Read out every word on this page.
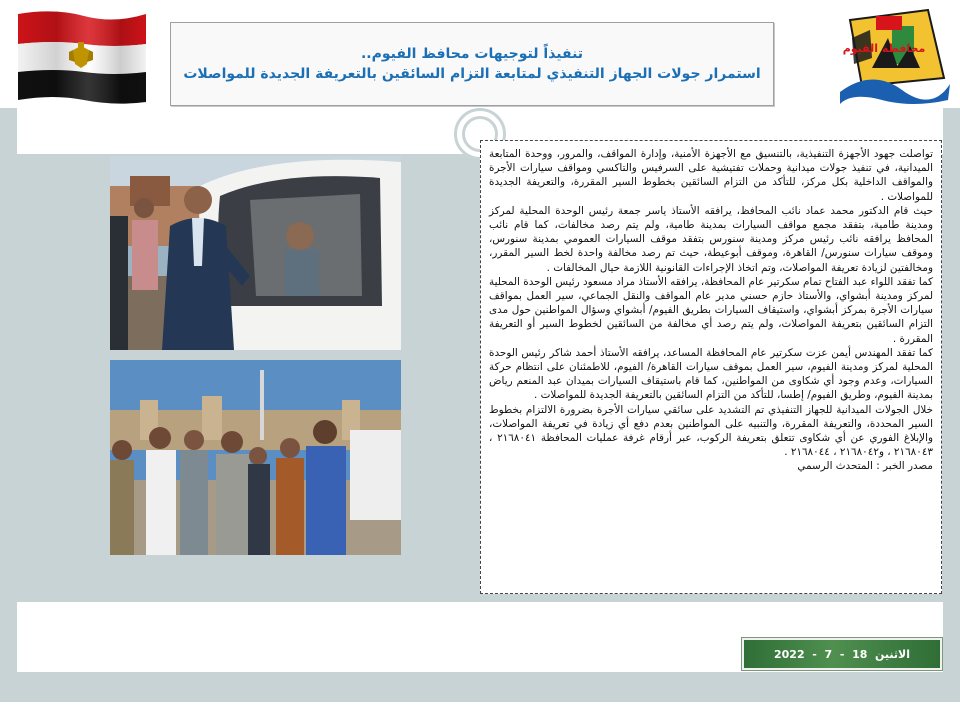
تنفيذاً لتوجيهات محافظ الفيوم..
استمرار جولات الجهاز التنفيذي لمتابعة التزام السائقين بالتعريفة الجديدة للمواصلات
محافظة الفيوم

تواصلت جهود الأجهزة التنفيذية، بالتنسيق مع الأجهزة الأمنية، وإدارة المواقف، والمرور، ووحدة المتابعة الميدانية، في تنفيذ جولات ميدانية وحملات تفتيشية على السرفيس والتاكسي ومواقف سيارات الأجرة والمواقف الداخلية بكل مركز، للتأكد من التزام السائقين بخطوط السير المقررة، والتعريفة الجديدة للمواصلات .

حيث قام الدكتور محمد عماد نائب المحافظ، يرافقه الأستاذ ياسر جمعة رئيس الوحدة المحلية لمركز ومدينة طامية، بتفقد مجمع مواقف السيارات بمدينة طامية، ولم يتم رصد مخالفات، كما قام نائب المحافظ يرافقه نائب رئيس مركز ومدينة سنورس بتفقد موقف السيارات العمومي بمدينة سنورس، وموقف سيارات سنورس/ القاهرة، وموقف أبوعيطة، حيث تم رصد مخالفة واحدة لخط السير المقرر، ومخالفتين لزيادة تعريفة المواصلات، وتم اتخاذ الإجراءات القانونية اللازمة حيال المخالفات .

كما تفقد اللواء عبد الفتاح تمام سكرتير عام المحافظة، يرافقه الأستاذ مراد مسعود رئيس الوحدة المحلية لمركز ومدينة أبشواي، والأستاذ حازم حسني مدير عام المواقف والنقل الجماعي، سير العمل بمواقف سيارات الأجرة بمركز أبشواي، واستيقاف السيارات بطريق الفيوم/ أبشواي وسؤال المواطنين حول مدى التزام السائقين بتعريفة المواصلات، ولم يتم رصد أي مخالفة من السائقين لخطوط السير أو التعريفة المقررة .

كما تفقد المهندس أيمن عزت سكرتير عام المحافظة المساعد، يرافقه الأستاذ أحمد شاكر رئيس الوحدة المحلية لمركز ومدينة الفيوم، سير العمل بموقف سيارات القاهرة/ الفيوم، للاطمئنان على انتظام حركة السيارات، وعدم وجود أي شكاوى من المواطنين، كما قام باستيقاف السيارات بميدان عبد المنعم رياض بمدينة الفيوم، وطريق الفيوم/ إطسا، للتأكد من التزام السائقين بالتعريفة الجديدة للمواصلات .

خلال الجولات الميدانية للجهاز التنفيذي تم التشديد على سائقي سيارات الأجرة بضرورة الالتزام بخطوط السير المحددة، والتعريفة المقررة، والتنبيه على المواطنين بعدم دفع أي زيادة في تعريفة المواصلات، والإبلاغ الفوري عن أي شكاوى تتعلق بتعريفة الركوب، عبر أرقام غرفة عمليات المحافظة ٢١٦٨٠٤١ ، ٢١٦٨٠٤٣ ، و٢١٦٨٠٤٢ ، ٢١٦٨٠٤٤ .

مصدر الخبر : المتحدث الرسمي

الاثنين  18  -  7  -  2022
